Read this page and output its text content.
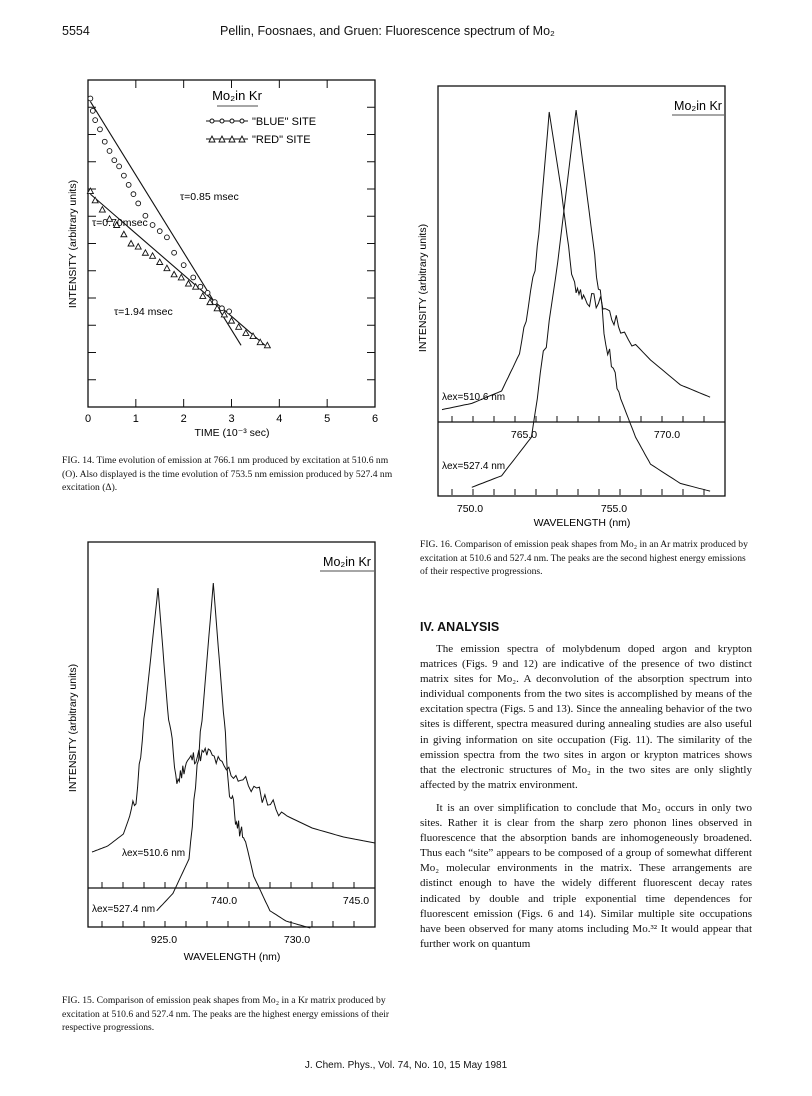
5554	Pellin, Foosnaes, and Gruen: Fluorescence spectrum of Mo₂
0	1	2	3	4	5	6
Mo₂in Kr
"BLUE" SITE
"RED" SITE
τ=0.85 msec
τ=0.70msec
τ=1.94 msec
INTENSITY (arbitrary units)
TIME (10⁻³ sec)
FIG. 14. Time evolution of emission at 766.1 nm produced by excitation at 510.6 nm (O). Also displayed is the time evolution of 753.5 nm emission produced by 527.4 nm excitation (Δ).
Mo₂in Kr
λex=510.6 nm
λex=527.4 nm
740.0	745.0
925.0	730.0
WAVELENGTH (nm)
INTENSITY (arbitrary units)
FIG. 15. Comparison of emission peak shapes from Mo₂ in a Kr matrix produced by excitation at 510.6 and 527.4 nm. The peaks are the highest energy emissions of their respective progressions.
Mo₂in Kr
λex=510.6 nm
λex=527.4 nm
765.0	770.0
750.0	755.0
WAVELENGTH (nm)
INTENSITY (arbitrary units)
FIG. 16. Comparison of emission peak shapes from Mo₂ in an Ar matrix produced by excitation at 510.6 and 527.4 nm. The peaks are the second highest energy emissions of their respective progressions.
IV. ANALYSIS

The emission spectra of molybdenum doped argon and krypton matrices (Figs. 9 and 12) are indicative of the presence of two distinct matrix sites for Mo₂. A deconvolution of the absorption spectrum into individual components from the two sites is accomplished by means of the excitation spectra (Figs. 5 and 13). Since the annealing behavior of the two sites is different, spectra measured during annealing studies are also useful in giving information on site occupation (Fig. 11). The similarity of the emission spectra from the two sites in argon or krypton matrices shows that the electronic structures of Mo₂ in the two sites are only slightly affected by the matrix environment.

It is an over simplification to conclude that Mo₂ occurs in only two sites. Rather it is clear from the sharp zero phonon lines observed in fluorescence that the absorption bands are inhomogeneously broadened. Thus each “site” appears to be composed of a group of somewhat different Mo₂ molecular environments in the matrix. These arrangements are distinct enough to have the widely different fluorescent decay rates indicated by double and triple exponential time dependences for fluorescent emission (Figs. 6 and 14). Similar multiple site occupations have been observed for many atoms including Mo.³² It would appear that further work on quantum

J. Chem. Phys., Vol. 74, No. 10, 15 May 1981
